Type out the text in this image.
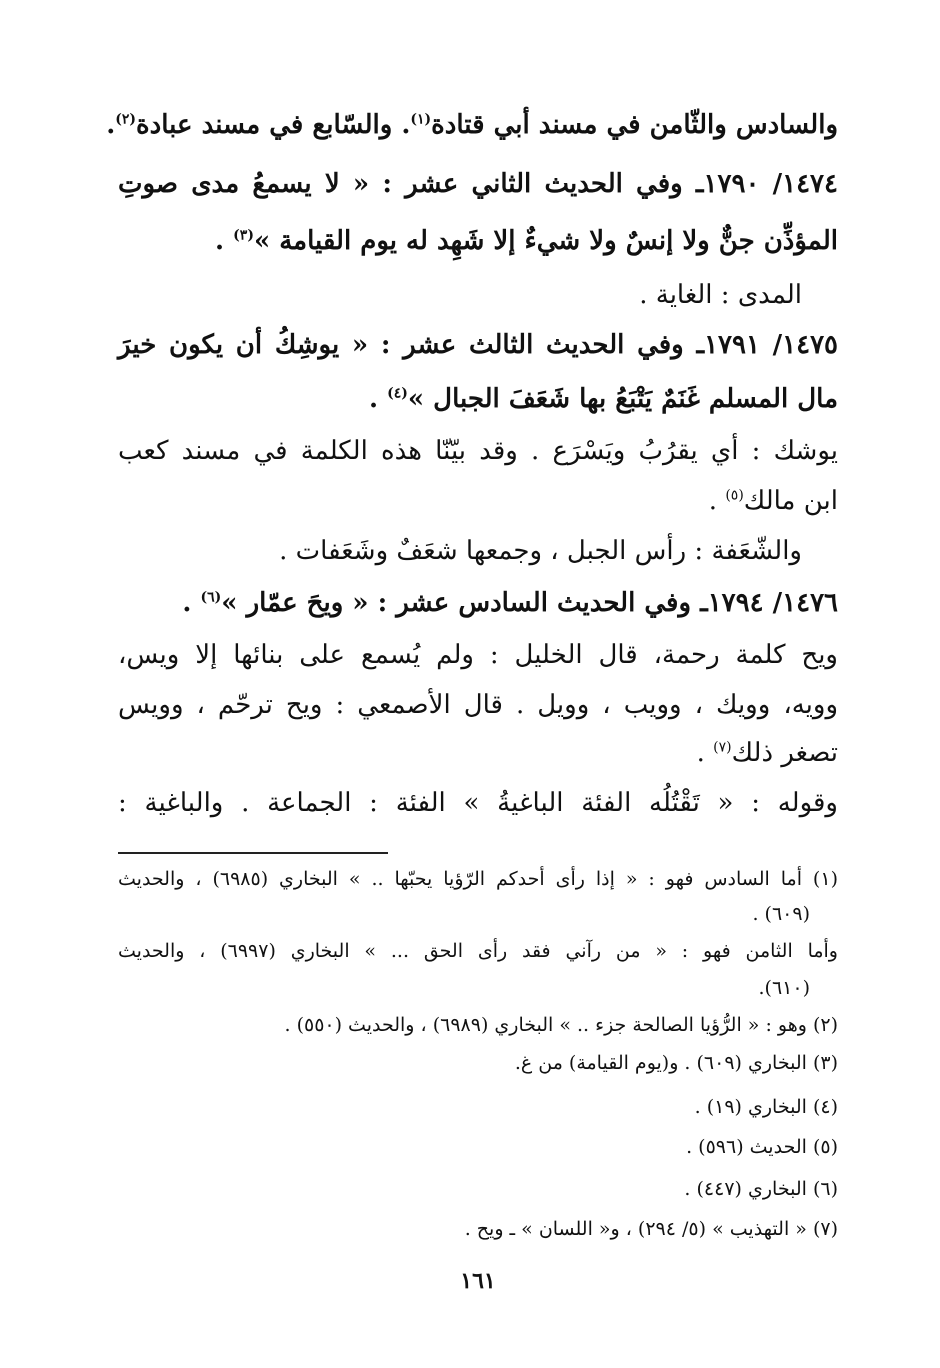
والسادس والثّامن في مسند أبي قتادة$^{(١)}$. والسّابع في مسند عبادة$^{(٢)}$.
١٤٧٤/ ١٧٩٠ـ وفي الحديث الثاني عشر : « لا يسمعُ مدى صوتِ
المؤذِّن جنٌّ ولا إنسٌ ولا شيءٌ إلا شَهِد له يوم القيامة »$^{(٣)}$ .
المدى : الغاية .
١٤٧٥/ ١٧٩١ـ وفي الحديث الثالث عشر : « يوشِكُ أن يكون خيرَ
مال المسلم غَنَمٌ يَتْبَعُ بها شَعَفَ الجبال »$^{(٤)}$ .
يوشك : أي يقرُبُ ويَسْرَع . وقد بيّنّا هذه الكلمة في مسند كعب
ابن مالك$^{(٥)}$ .
والشّعَفة : رأس الجبل ، وجمعها شعَفٌ وشَعَفات .
١٤٧٦/ ١٧٩٤ـ وفي الحديث السادس عشر : « ويحَ عمّار »$^{(٦)}$ .
ويح كلمة رحمة، قال الخليل : ولم يُسمع على بنائها إلا ويس،
وويه، وويك ، وويب ، وويل . قال الأصمعي : ويح ترحّم ، وويس
تصغر ذلك$^{(٧)}$ .
وقوله : « تَقْتُلُه الفئة الباغيةُ » الفئة : الجماعة . والباغية :
(١) أما السادس فهو : « إذا رأى أحدكم الرّؤيا يحبّها .. » البخاري (٦٩٨٥) ، والحديث
(٦٠٩) .
وأما الثامن فهو : « من رآني فقد رأى الحق ... » البخاري (٦٩٩٧) ، والحديث
(٦١٠).
(٢) وهو : « الرُّؤيا الصالحة جزء .. » البخاري (٦٩٨٩) ، والحديث (٥٥٠) .
(٣) البخاري (٦٠٩) . و(يوم القيامة) من غ.
(٤) البخاري (١٩) .
(٥) الحديث (٥٩٦) .
(٦) البخاري (٤٤٧) .
(٧) « التهذيب » (٥/ ٢٩٤) ، و« اللسان » ـ ويح .
١٦١
